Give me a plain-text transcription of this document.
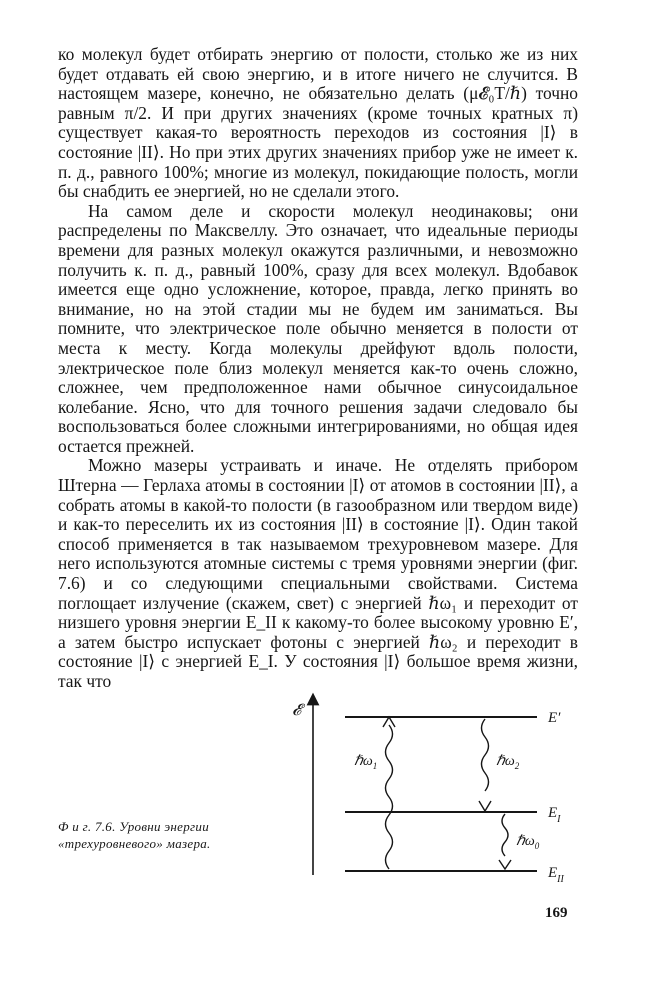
ко молекул будет отбирать энергию от полости, столько же из них будет отдавать ей свою энергию, и в итоге ничего не случится. В настоящем мазере, конечно, не обязательно делать (μ𝓔₀T/ℏ) точно равным π/2. И при других значениях (кроме точных кратных π) существует какая-то вероятность переходов из состояния |I⟩ в состояние |II⟩. Но при этих других значениях прибор уже не имеет к. п. д., равного 100%; многие из молекул, покидающие полость, могли бы снабдить ее энергией, но не сделали этого.

На самом деле и скорости молекул неодинаковы; они распределены по Максвеллу. Это означает, что идеальные периоды времени для разных молекул окажутся различными, и невозможно получить к. п. д., равный 100%, сразу для всех молекул. Вдобавок имеется еще одно усложнение, которое, правда, легко принять во внимание, но на этой стадии мы не будем им заниматься. Вы помните, что электрическое поле обычно меняется в полости от места к месту. Когда молекулы дрейфуют вдоль полости, электрическое поле близ молекул меняется как-то очень сложно, сложнее, чем предположенное нами обычное синусоидальное колебание. Ясно, что для точного решения задачи следовало бы воспользоваться более сложными интегрированиями, но общая идея остается прежней.

Можно мазеры устраивать и иначе. Не отделять прибором Штерна — Герлаха атомы в состоянии |I⟩ от атомов в состоянии |II⟩, а собрать атомы в какой-то полости (в газообразном или твердом виде) и как-то переселить их из состояния |II⟩ в состояние |I⟩. Один такой способ применяется в так называемом трехуровневом мазере. Для него используются атомные системы с тремя уровнями энергии (фиг. 7.6) и со следующими специальными свойствами. Система поглощает излучение (скажем, свет) с энергией ℏω₁ и переходит от низшего уровня энергии E_II к какому-то более высокому уровню E′, а затем быстро испускает фотоны с энергией ℏω₂ и переходит в состояние |I⟩ с энергией E_I. У состояния |I⟩ большое время жизни, так что

𝓔	E′
$E_I$
$E_{II}$
ℏω$_1$	ℏω$_2$
ℏω$_0$
Ф и г. 7.6. Уровни энергии
«трехуровневого» мазера.
169
